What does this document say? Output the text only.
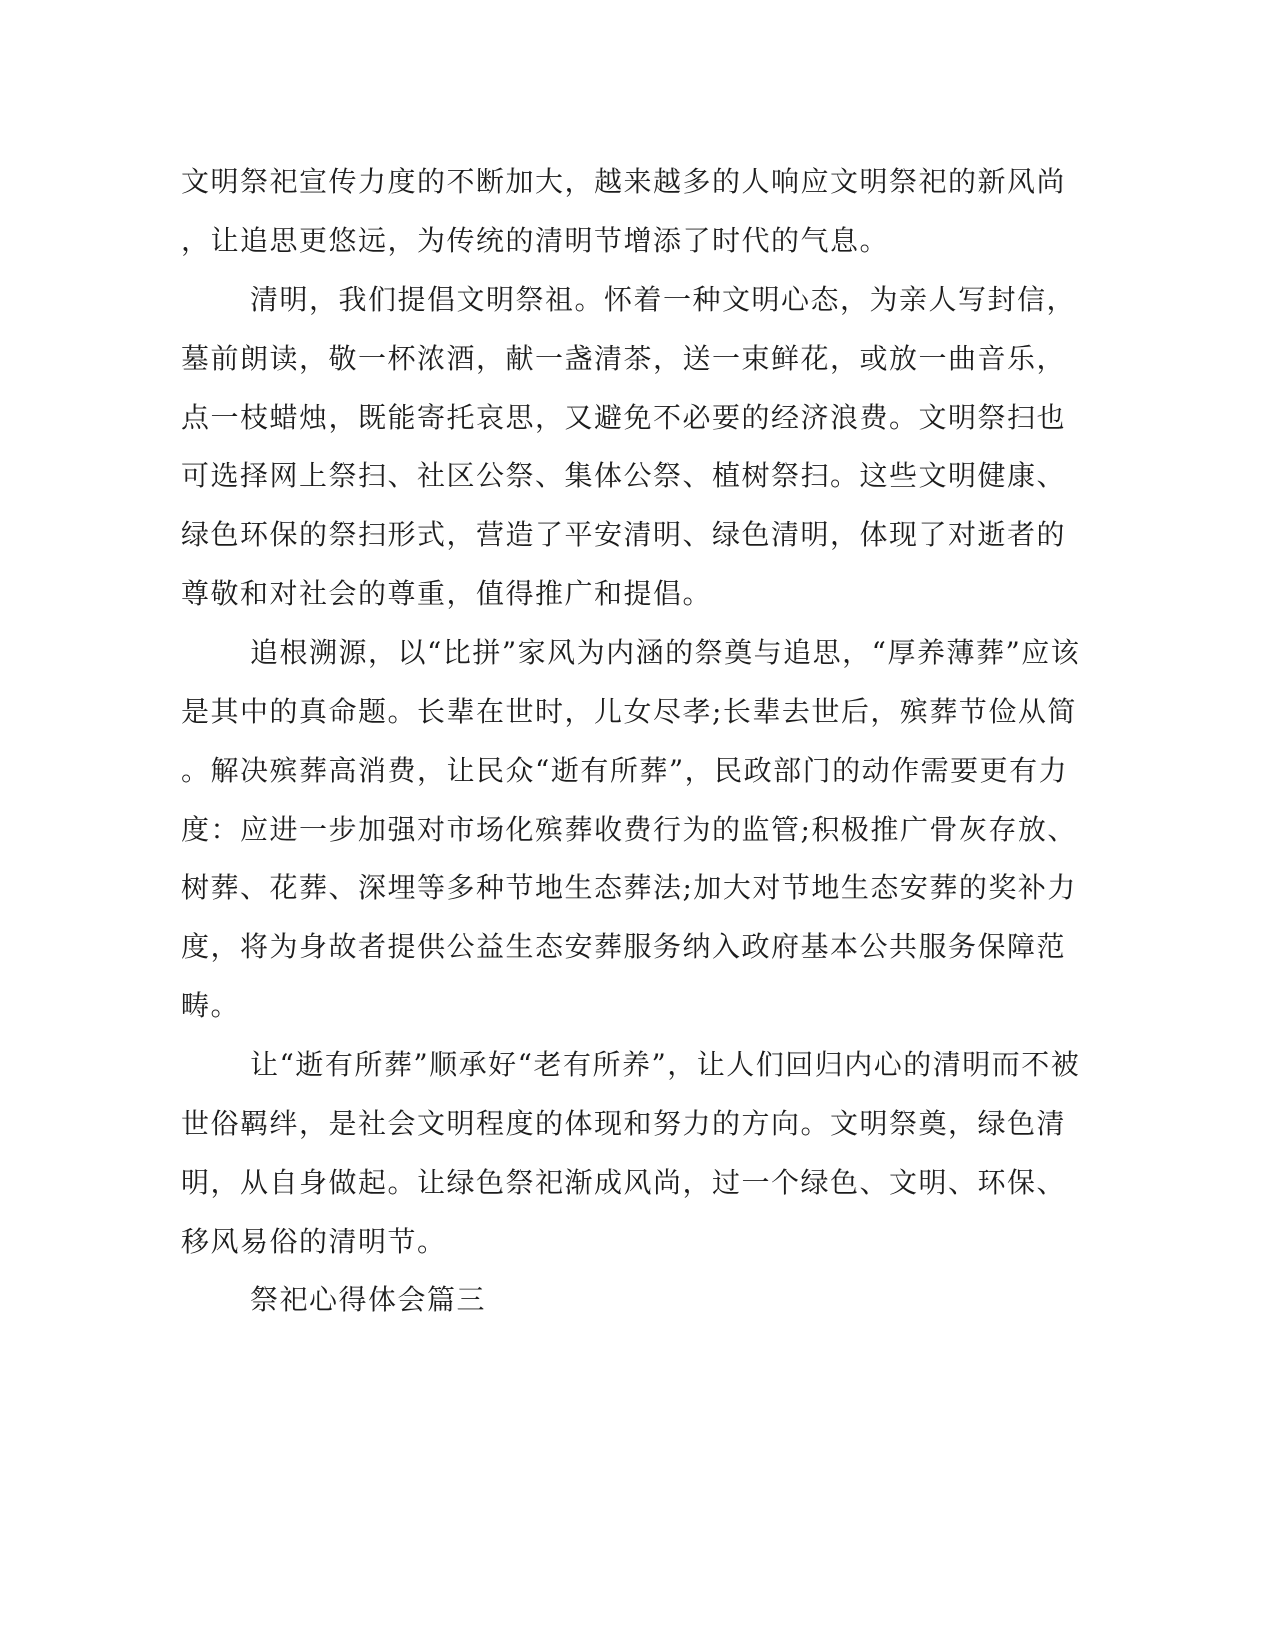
文明祭祀宣传力度的不断加大，越来越多的人响应文明祭祀的新风尚
，让追思更悠远，为传统的清明节增添了时代的气息。
清明，我们提倡文明祭祖。怀着一种文明心态，为亲人写封信，
墓前朗读，敬一杯浓酒，献一盏清茶，送一束鲜花，或放一曲音乐，
点一枝蜡烛，既能寄托哀思，又避免不必要的经济浪费。文明祭扫也
可选择网上祭扫、社区公祭、集体公祭、植树祭扫。这些文明健康、
绿色环保的祭扫形式，营造了平安清明、绿色清明，体现了对逝者的
尊敬和对社会的尊重，值得推广和提倡。
追根溯源，以“比拼”家风为内涵的祭奠与追思，“厚养薄葬”应该
是其中的真命题。长辈在世时，儿女尽孝;长辈去世后，殡葬节俭从简
。解决殡葬高消费，让民众“逝有所葬”，民政部门的动作需要更有力
度：应进一步加强对市场化殡葬收费行为的监管;积极推广骨灰存放、
树葬、花葬、深埋等多种节地生态葬法;加大对节地生态安葬的奖补力
度，将为身故者提供公益生态安葬服务纳入政府基本公共服务保障范
畴。
让“逝有所葬”顺承好“老有所养”，让人们回归内心的清明而不被
世俗羁绊，是社会文明程度的体现和努力的方向。文明祭奠，绿色清
明，从自身做起。让绿色祭祀渐成风尚，过一个绿色、文明、环保、
移风易俗的清明节。
祭祀心得体会篇三
